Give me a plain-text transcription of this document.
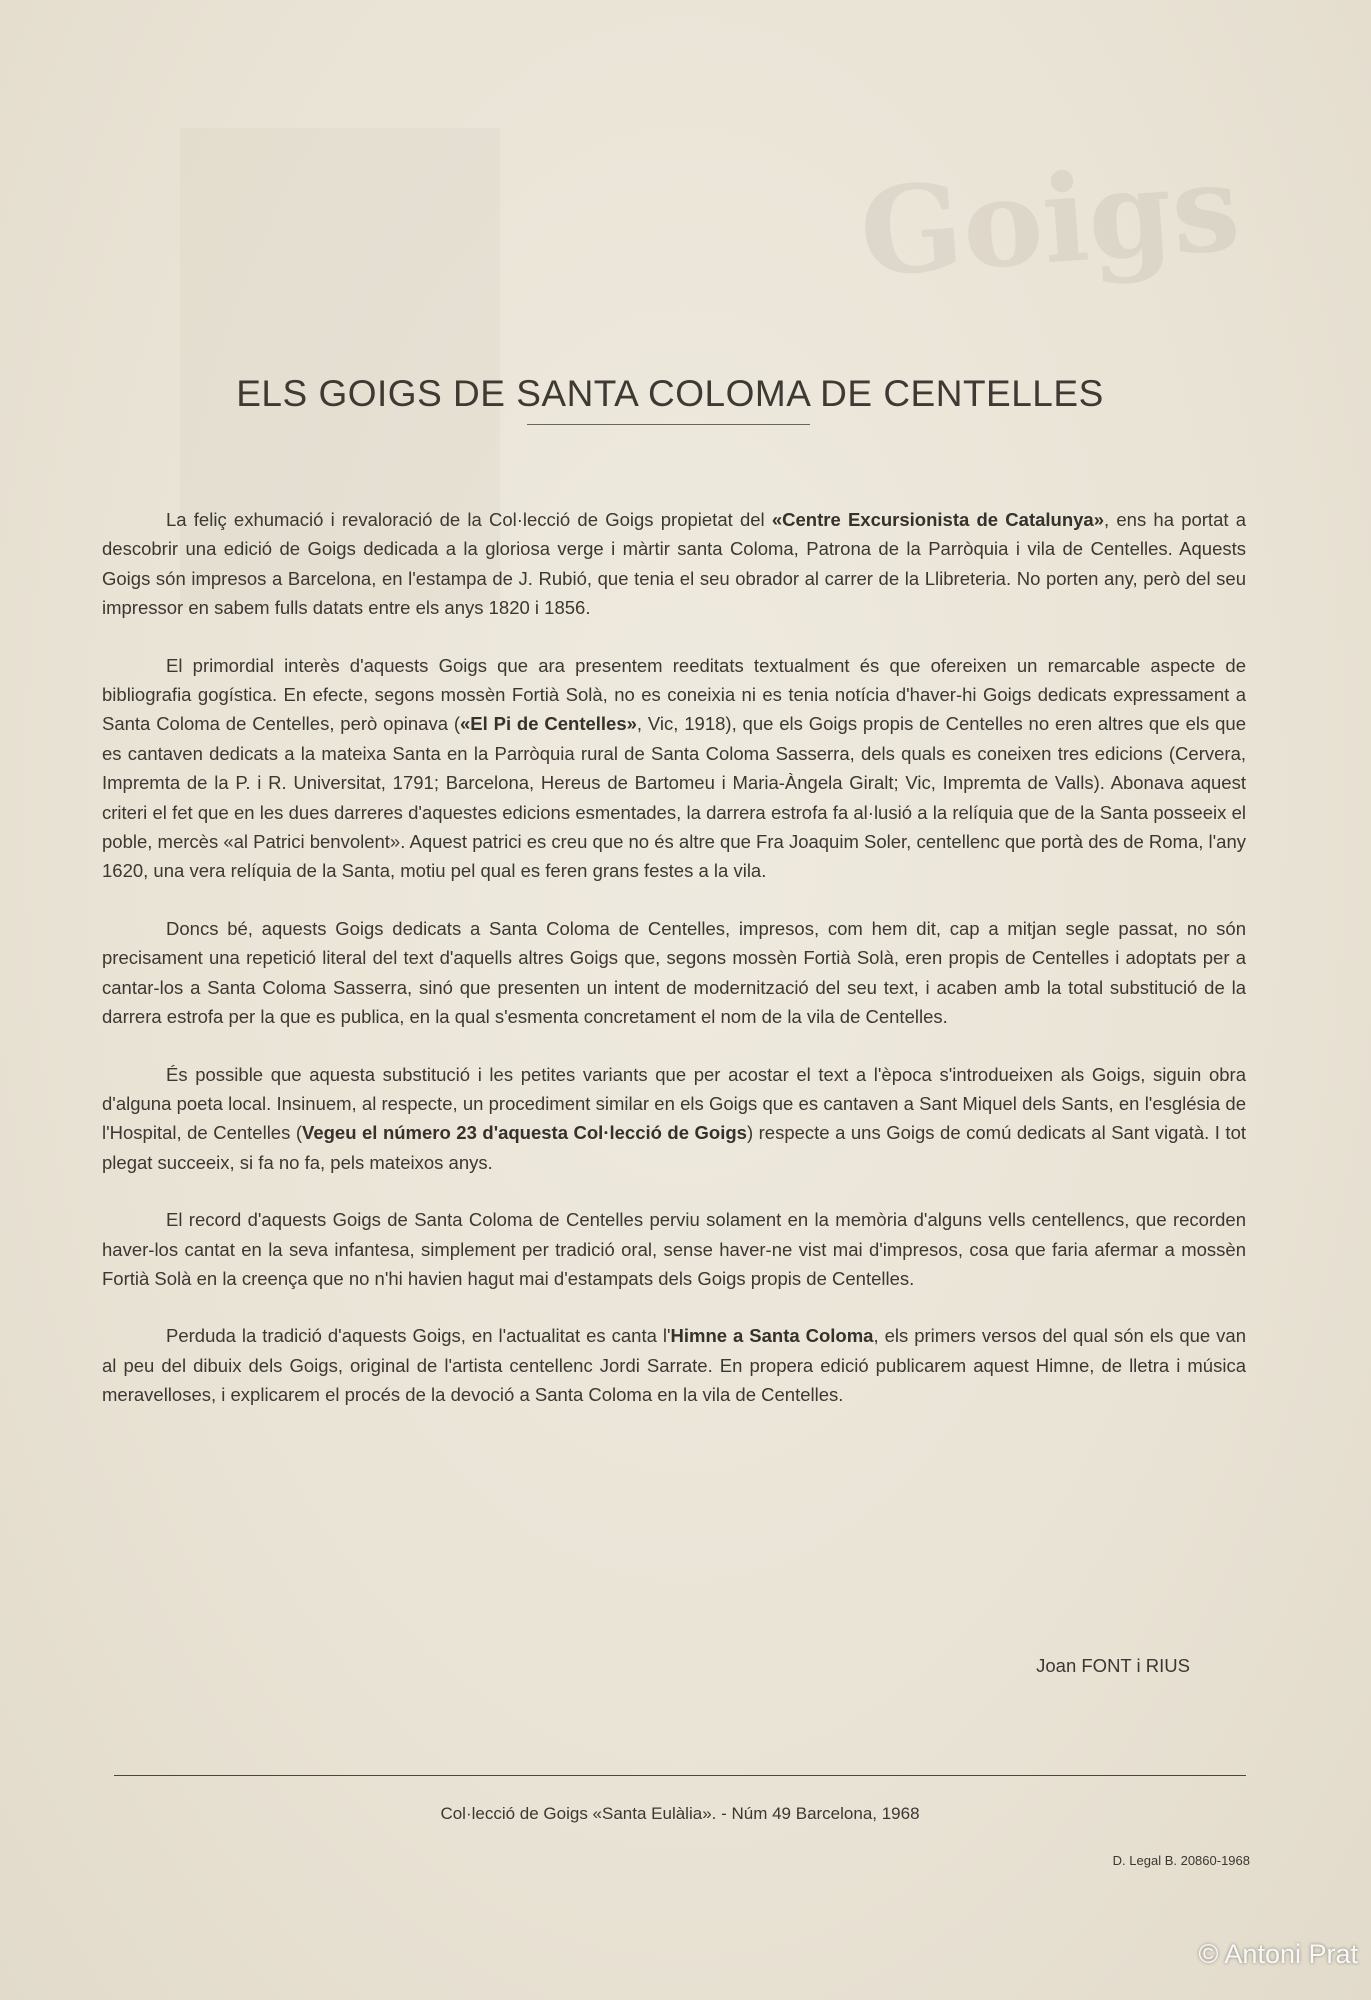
Goigs
ELS GOIGS DE SANTA COLOMA DE CENTELLES

La feliç exhumació i revaloració de la Col·lecció de Goigs propietat del «Centre Excursionista de Catalunya», ens ha portat a descobrir una edició de Goigs dedicada a la gloriosa verge i màrtir santa Coloma, Patrona de la Parròquia i vila de Centelles. Aquests Goigs són impresos a Barcelona, en l'estampa de J. Rubió, que tenia el seu obrador al carrer de la Llibreteria. No porten any, però del seu impressor en sabem fulls datats entre els anys 1820 i 1856.

El primordial interès d'aquests Goigs que ara presentem reeditats textualment és que ofereixen un remarcable aspecte de bibliografia gogística. En efecte, segons mossèn Fortià Solà, no es coneixia ni es tenia notícia d'haver-hi Goigs dedicats expressament a Santa Coloma de Centelles, però opinava («El Pi de Centelles», Vic, 1918), que els Goigs propis de Centelles no eren altres que els que es cantaven dedicats a la mateixa Santa en la Parròquia rural de Santa Coloma Sasserra, dels quals es coneixen tres edicions (Cervera, Impremta de la P. i R. Universitat, 1791; Barcelona, Hereus de Bartomeu i Maria-Àngela Giralt; Vic, Impremta de Valls). Abonava aquest criteri el fet que en les dues darreres d'aquestes edicions esmentades, la darrera estrofa fa al·lusió a la relíquia que de la Santa posseeix el poble, mercès «al Patrici benvolent». Aquest patrici es creu que no és altre que Fra Joaquim Soler, centellenc que portà des de Roma, l'any 1620, una vera relíquia de la Santa, motiu pel qual es feren grans festes a la vila.

Doncs bé, aquests Goigs dedicats a Santa Coloma de Centelles, impresos, com hem dit, cap a mitjan segle passat, no són precisament una repetició literal del text d'aquells altres Goigs que, segons mossèn Fortià Solà, eren propis de Centelles i adoptats per a cantar-los a Santa Coloma Sasserra, sinó que presenten un intent de modernització del seu text, i acaben amb la total substitució de la darrera estrofa per la que es publica, en la qual s'esmenta concretament el nom de la vila de Centelles.

És possible que aquesta substitució i les petites variants que per acostar el text a l'època s'introdueixen als Goigs, siguin obra d'alguna poeta local. Insinuem, al respecte, un procediment similar en els Goigs que es cantaven a Sant Miquel dels Sants, en l'església de l'Hospital, de Centelles (Vegeu el número 23 d'aquesta Col·lecció de Goigs) respecte a uns Goigs de comú dedicats al Sant vigatà. I tot plegat succeeix, si fa no fa, pels mateixos anys.

El record d'aquests Goigs de Santa Coloma de Centelles perviu solament en la memòria d'alguns vells centellencs, que recorden haver-los cantat en la seva infantesa, simplement per tradició oral, sense haver-ne vist mai d'impresos, cosa que faria afermar a mossèn Fortià Solà en la creença que no n'hi havien hagut mai d'estampats dels Goigs propis de Centelles.

Perduda la tradició d'aquests Goigs, en l'actualitat es canta l'Himne a Santa Coloma, els primers versos del qual són els que van al peu del dibuix dels Goigs, original de l'artista centellenc Jordi Sarrate. En propera edició publicarem aquest Himne, de lletra i música meravelloses, i explicarem el procés de la devoció a Santa Coloma en la vila de Centelles.

Joan FONT i RIUS
Col·lecció de Goigs «Santa Eulàlia». - Núm 49 Barcelona, 1968
D. Legal B. 20860-1968
© Antoni Prat
